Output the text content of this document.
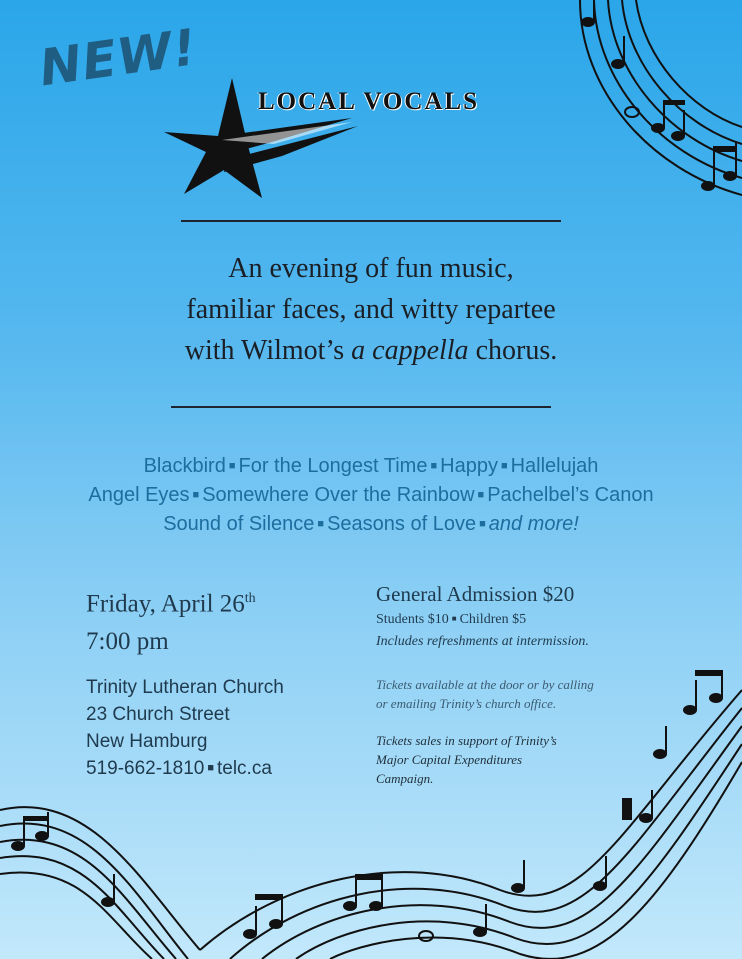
NEW!
LOCAL VOCALS
An evening of fun music,
familiar faces, and witty repartee
with Wilmot’s a cappella chorus.
Blackbird ■ For the Longest Time ■ Happy ■ Hallelujah
Angel Eyes ■ Somewhere Over the Rainbow ■ Pachelbel’s Canon
Sound of Silence ■ Seasons of Love ■ and more!
Friday, April 26th
7:00 pm
Trinity Lutheran Church
23 Church Street
New Hamburg
519-662-1810 ■ telc.ca
General Admission $20
Students $10 ■ Children $5
Includes refreshments at intermission.
Tickets available at the door or by calling
or emailing Trinity’s church office.
Tickets sales in support of Trinity’s
Major Capital Expenditures
Campaign.
